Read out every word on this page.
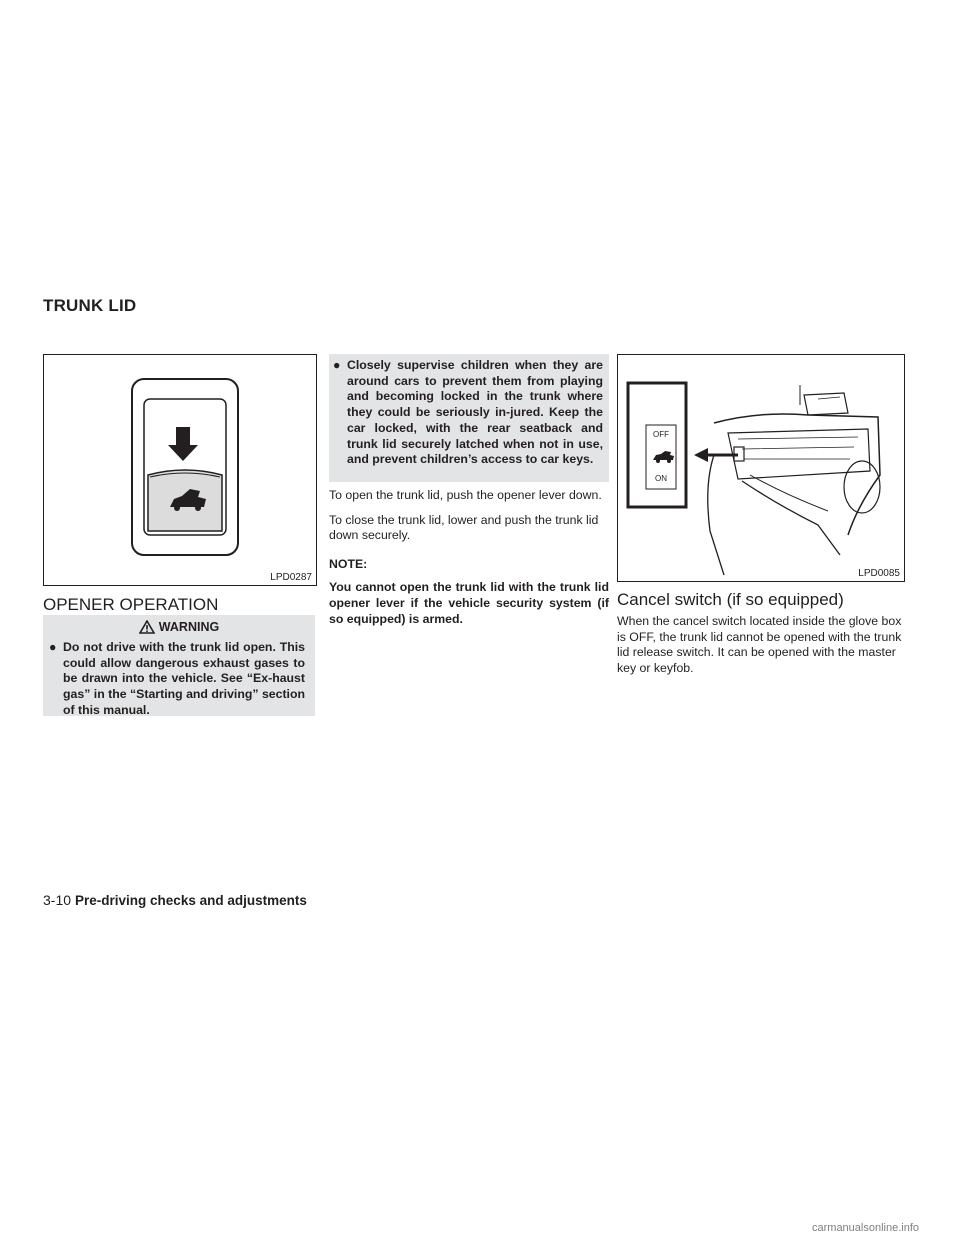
TRUNK LID
LPD0287
OPENER OPERATION
WARNING
● Do not drive with the trunk lid open. This could allow dangerous exhaust gases to be drawn into the vehicle. See “Ex-haust gas” in the “Starting and driving” section of this manual.
● Closely supervise children when they are around cars to prevent them from playing and becoming locked in the trunk where they could be seriously in-jured. Keep the car locked, with the rear seatback and trunk lid securely latched when not in use, and prevent children’s access to car keys.

To open the trunk lid, push the opener lever down.

To close the trunk lid, lower and push the trunk lid down securely.

NOTE:
You cannot open the trunk lid with the trunk lid opener lever if the vehicle security system (if so equipped) is armed.
OFF
ON
LPD0085
Cancel switch (if so equipped)
When the cancel switch located inside the glove box is OFF, the trunk lid cannot be opened with the trunk lid release switch. It can be opened with the master key or keyfob.
3-10 Pre-driving checks and adjustments
carmanualsonline.info
